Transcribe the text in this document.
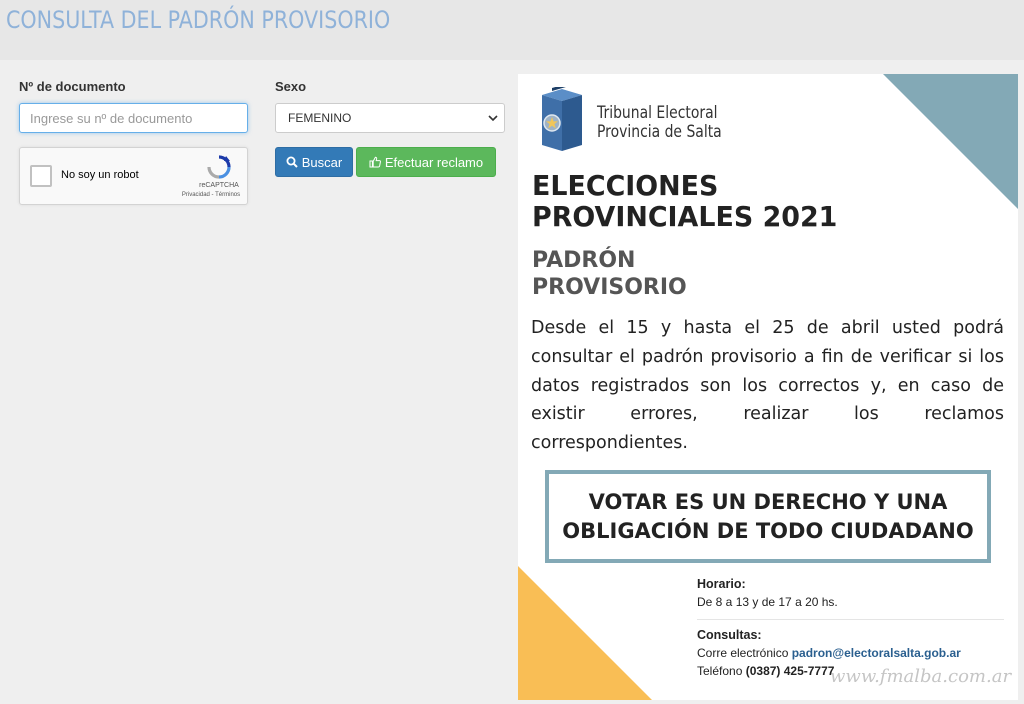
CONSULTA DEL PADRÓN PROVISORIO
Nº de documento
Ingrese su nº de documento	Sexo
FEMENINO
No soy un robot
reCAPTCHA
Privacidad - Términos
Buscar	Efectuar reclamo
Tribunal Electoral
Provincia de Salta
ELECCIONES
PROVINCIALES 2021
PADRÓN
PROVISORIO

Desde el 15 y hasta el 25 de abril usted podrá consultar el padrón provisorio a fin de verificar si los datos registrados son los correctos y, en caso de existir errores, realizar los reclamos correspondientes.

VOTAR ES UN DERECHO Y UNA
OBLIGACIÓN DE TODO CIUDADANO
Horario:
De 8 a 13 y de 17 a 20 hs.
Consultas:
Corre electrónico padron@electoralsalta.gob.ar
Teléfono (0387) 425-7777
www.fmalba.com.ar
